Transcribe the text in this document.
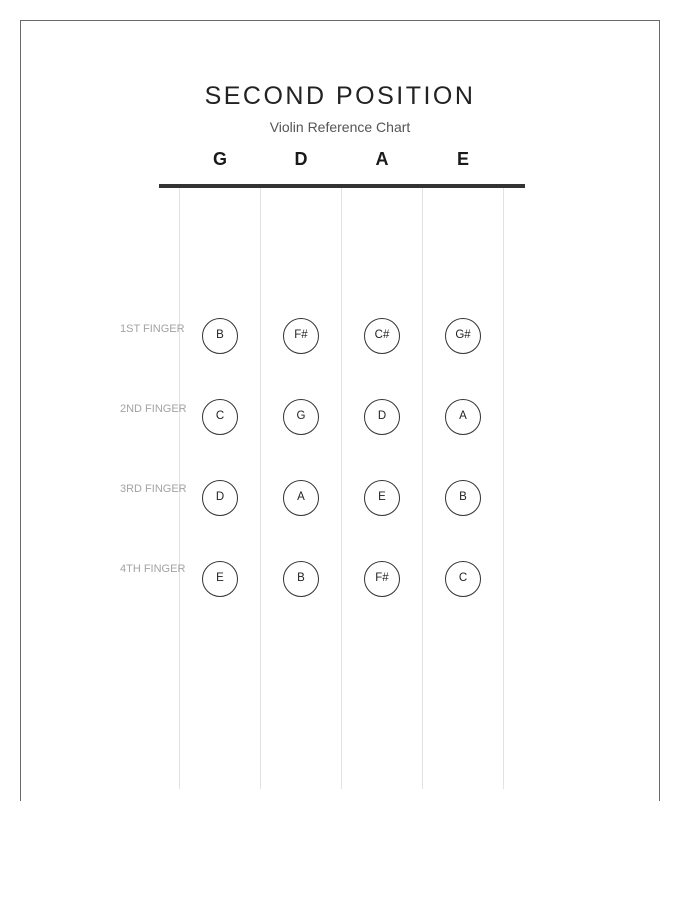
SECOND POSITION
Violin Reference Chart
G	D	A	E
1ST FINGER
B	F#	C#	G#
2ND FINGER
C	G	D	A
3RD FINGER
D	A	E	B
4TH FINGER
E	B	F#	C
